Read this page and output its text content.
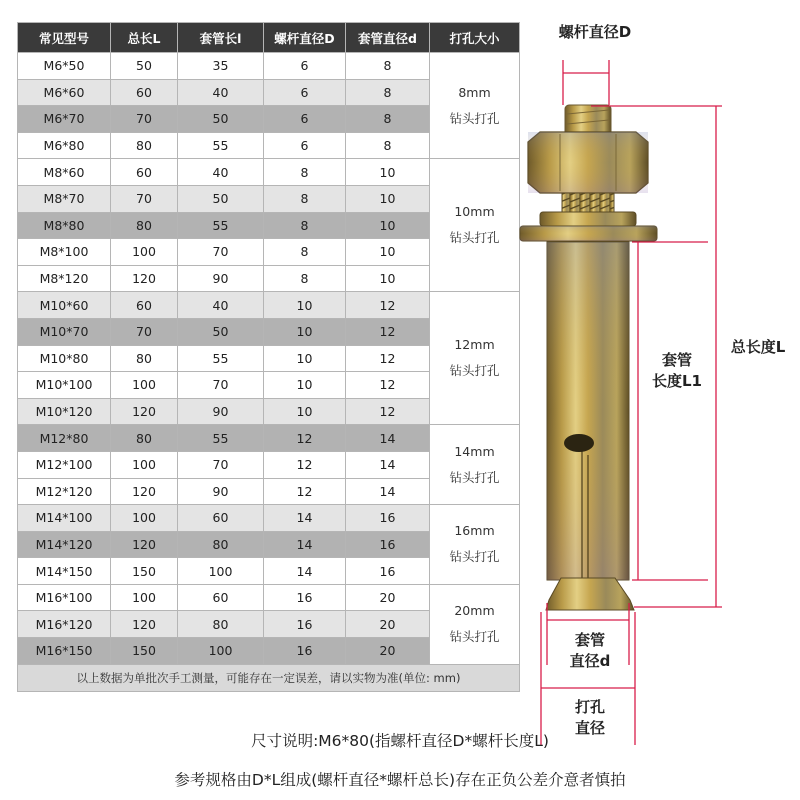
常见型号	总长L	套管长l	螺杆直径D	套管直径d	打孔大小
M6*50	50	35	6	8	8mm
钻头打孔

M6*60	60	40	6	8	
M6*70	70	50	6	8	
M6*80	80	55	6	8	
M8*60	60	40	8	10	10mm
钻头打孔

M8*70	70	50	8	10	
M8*80	80	55	8	10	
M8*100	100	70	8	10	
M8*120	120	90	8	10	
M10*60	60	40	10	12	12mm
钻头打孔

M10*70	70	50	10	12	
M10*80	80	55	10	12	
M10*100	100	70	10	12	
M10*120	120	90	10	12	
M12*80	80	55	12	14	14mm
钻头打孔

M12*100	100	70	12	14	
M12*120	120	90	12	14	
M14*100	100	60	14	16	16mm
钻头打孔

M14*120	120	80	14	16	
M14*150	150	100	14	16	
M16*100	100	60	16	20	20mm
钻头打孔

M16*120	120	80	16	20	
M16*150	150	100	16	20	
以上数据为单批次手工测量，可能存在一定误差，请以实物为准(单位: mm)					
螺杆直径D
总长度L
套管
长度L1
套管
直径d
打孔
直径
尺寸说明:M6*80(指螺杆直径D*螺杆长度L)
参考规格由D*L组成(螺杆直径*螺杆总长)存在正负公差介意者慎拍
